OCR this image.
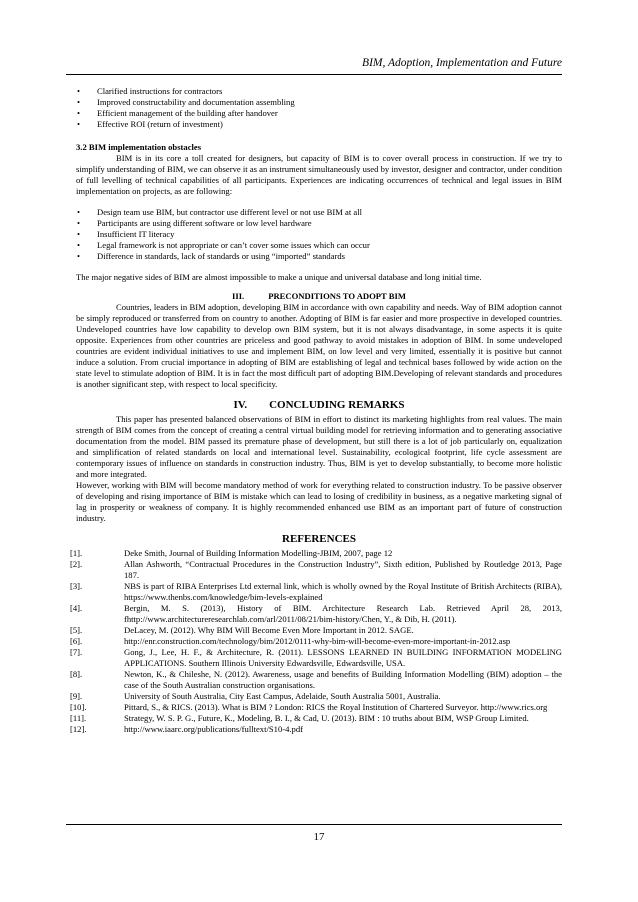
BIM, Adoption, Implementation and Future
• Clarified instructions for contractors
• Improved constructability and documentation assembling
• Efficient management of the building after handover
• Effective ROI (return of investment)
3.2 BIM implementation obstacles

BIM is in its core a toll created for designers, but capacity of BIM is to cover overall process in construction. If we try to simplify understanding of BIM, we can observe it as an instrument simultaneously used by investor, designer and contractor, under condition of full levelling of technical capabilities of all participants. Experiences are indicating occurrences of technical and legal issues in BIM implementation on projects, as are following:

• Design team use BIM, but contractor use different level or not use BIM at all
• Participants are using different software or low level hardware
• Insufficient IT literacy
• Legal framework is not appropriate or can’t cover some issues which can occur
• Difference in standards, lack of standards or using “imported” standards

The major negative sides of BIM are almost impossible to make a unique and universal database and long initial time.

III.	PRECONDITIONS TO ADOPT BIM

Countries, leaders in BIM adoption, developing BIM in accordance with own capability and needs. Way of BIM adoption cannot be simply reproduced or transferred from on country to another. Adopting of BIM is far easier and more prospective in developed countries. Undeveloped countries have low capability to develop own BIM system, but it is not always disadvantage, in some aspects it is quite opposite. Experiences from other countries are priceless and good pathway to avoid mistakes in adoption of BIM. In some undeveloped countries are evident individual initiatives to use and implement BIM, on low level and very limited, essentially it is positive but cannot induce a solution. From crucial importance in adopting of BIM are establishing of legal and technical bases followed by wide action on the state level to stimulate adoption of BIM. It is in fact the most difficult part of adopting BIM.Developing of relevant standards and procedures is another significant step, with respect to local specificity.

IV. CONCLUDING REMARKS

This paper has presented balanced observations of BIM in effort to distinct its marketing highlights from real values. The main strength of BIM comes from the concept of creating a central virtual building model for retrieving information and to generating associative documentation from the model. BIM passed its premature phase of development, but still there is a lot of job particularly on, equalization and simplification of related standards on local and international level. Sustainability, ecological footprint, life cycle assessment are contemporary issues of influence on standards in construction industry. Thus, BIM is yet to develop substantially, to become more holistic and more integrated.

However, working with BIM will become mandatory method of work for everything related to construction industry. To be passive observer of developing and rising importance of BIM is mistake which can lead to losing of credibility in business, as a negative marketing signal of lag in prosperity or weakness of company. It is highly recommended enhanced use BIM as an important part of future of construction industry.

REFERENCES
[1].	Deke Smith, Journal of Building Information Modelling-JBIM, 2007, page 12
[2].	Allan Ashworth, “Contractual Procedures in the Construction Industry”, Sixth edition, Published by Routledge 2013, Page 187.
[3].	NBS is part of RIBA Enterprises Ltd external link, which is wholly owned by the Royal Institute of British Architects (RIBA), https://www.thenbs.com/knowledge/bim-levels-explained
[4].	Bergin, M. S. (2013), History of BIM. Architecture Research Lab. Retrieved April 28, 2013, fhttp://www.architectureresearchlab.com/arl/2011/08/21/bim-history/Chen, Y., & Dib, H. (2011).
[5].	DeLacey, M. (2012). Why BIM Will Become Even More Important in 2012. SAGE.
[6].	http://enr.construction.com/technology/bim/2012/0111-why-bim-will-become-even-more-important-in-2012.asp
[7].	Gong, J., Lee, H. F., & Architecture, R. (2011). LESSONS LEARNED IN BUILDING INFORMATION MODELING APPLICATIONS. Southern Illinois University Edwardsville, Edwardsville, USA.
[8].	Newton, K., & Chileshe, N. (2012). Awareness, usage and benefits of Building Information Modelling (BIM) adoption – the case of the South Australian construction organisations.
[9].	University of South Australia, City East Campus, Adelaide, South Australia 5001, Australia.
[10].	Pittard, S., & RICS. (2013). What is BIM ? London: RICS the Royal Institution of Chartered Surveyor. http://www.rics.org
[11].	Strategy, W. S. P. G., Future, K., Modeling, B. I., & Cad, U. (2013). BIM : 10 truths about BIM, WSP Group Limited.
[12].	http://www.iaarc.org/publications/fulltext/S10-4.pdf
17
